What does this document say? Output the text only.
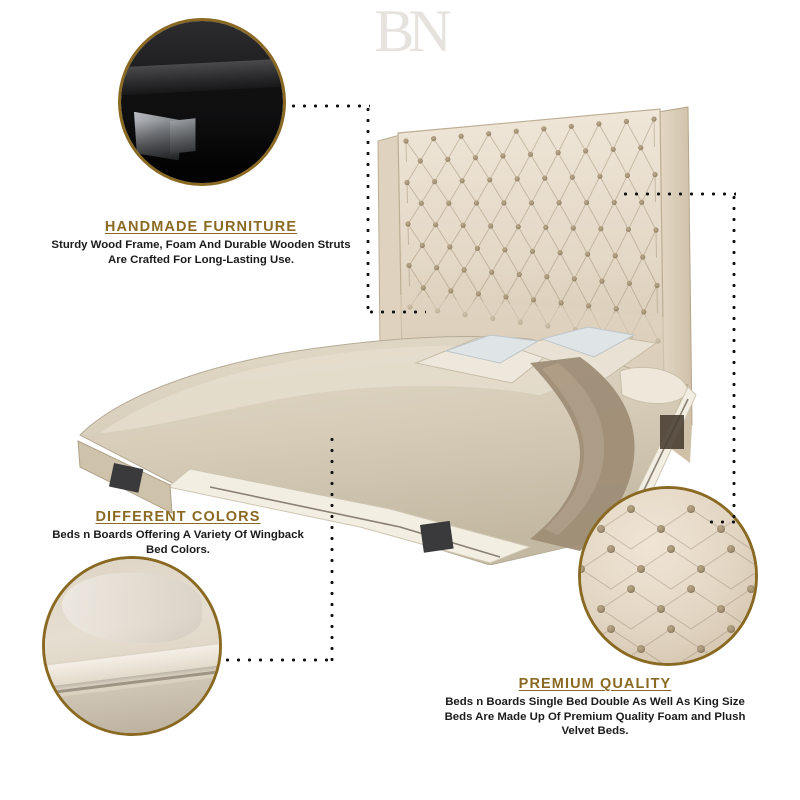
BN

HANDMADE FURNITURE

Sturdy Wood Frame, Foam And Durable Wooden Struts Are Crafted For Long-Lasting Use.

DIFFERENT COLORS

Beds n Boards Offering A Variety Of Wingback Bed Colors.

PREMIUM QUALITY

Beds n Boards Single Bed Double As Well As King Size Beds Are Made Up Of Premium Quality Foam and Plush Velvet Beds.
